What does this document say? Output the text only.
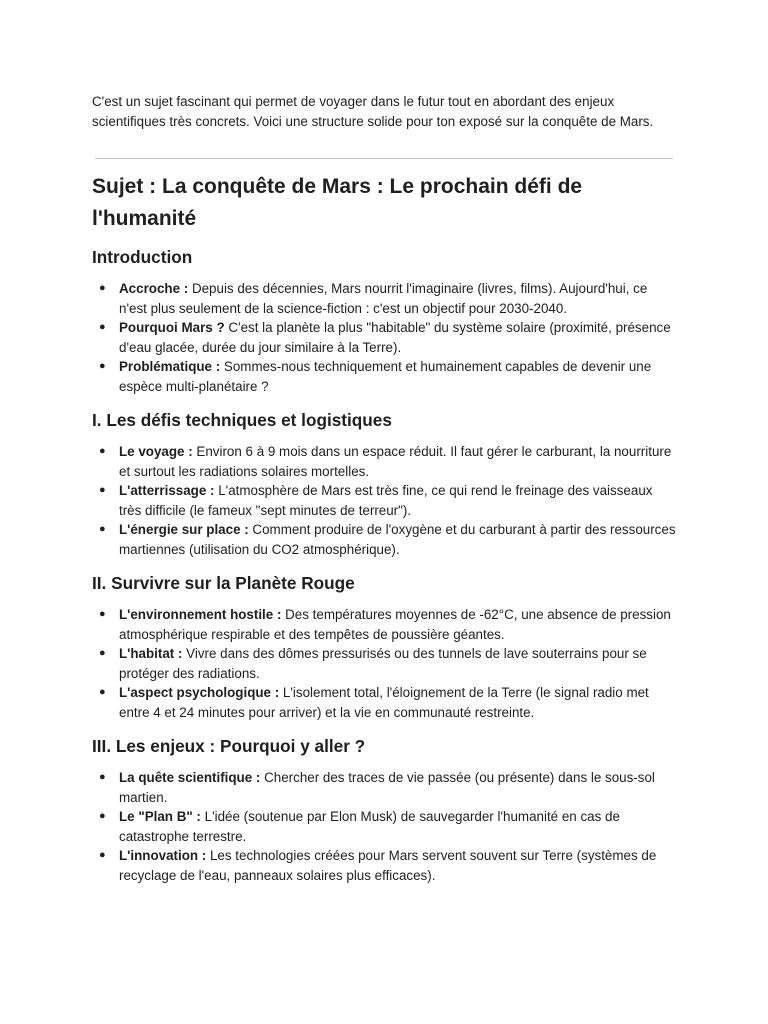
C'est un sujet fascinant qui permet de voyager dans le futur tout en abordant des enjeux scientifiques très concrets. Voici une structure solide pour ton exposé sur la conquête de Mars.

Sujet : La conquête de Mars : Le prochain défi de l'humanité
Introduction
● Accroche : Depuis des décennies, Mars nourrit l'imaginaire (livres, films). Aujourd'hui, ce n'est plus seulement de la science-fiction : c'est un objectif pour 2030-2040.
● Pourquoi Mars ? C'est la planète la plus "habitable" du système solaire (proximité, présence d'eau glacée, durée du jour similaire à la Terre).
● Problématique : Sommes-nous techniquement et humainement capables de devenir une espèce multi-planétaire ?
I. Les défis techniques et logistiques
● Le voyage : Environ 6 à 9 mois dans un espace réduit. Il faut gérer le carburant, la nourriture et surtout les radiations solaires mortelles.
● L'atterrissage : L'atmosphère de Mars est très fine, ce qui rend le freinage des vaisseaux très difficile (le fameux "sept minutes de terreur").
● L'énergie sur place : Comment produire de l'oxygène et du carburant à partir des ressources martiennes (utilisation du CO2 atmosphérique).
II. Survivre sur la Planète Rouge
● L'environnement hostile : Des températures moyennes de -62°C, une absence de pression atmosphérique respirable et des tempêtes de poussière géantes.
● L'habitat : Vivre dans des dômes pressurisés ou des tunnels de lave souterrains pour se protéger des radiations.
● L'aspect psychologique : L'isolement total, l'éloignement de la Terre (le signal radio met entre 4 et 24 minutes pour arriver) et la vie en communauté restreinte.
III. Les enjeux : Pourquoi y aller ?
● La quête scientifique : Chercher des traces de vie passée (ou présente) dans le sous-sol martien.
● Le "Plan B" : L'idée (soutenue par Elon Musk) de sauvegarder l'humanité en cas de catastrophe terrestre.
● L'innovation : Les technologies créées pour Mars servent souvent sur Terre (systèmes de recyclage de l'eau, panneaux solaires plus efficaces).
